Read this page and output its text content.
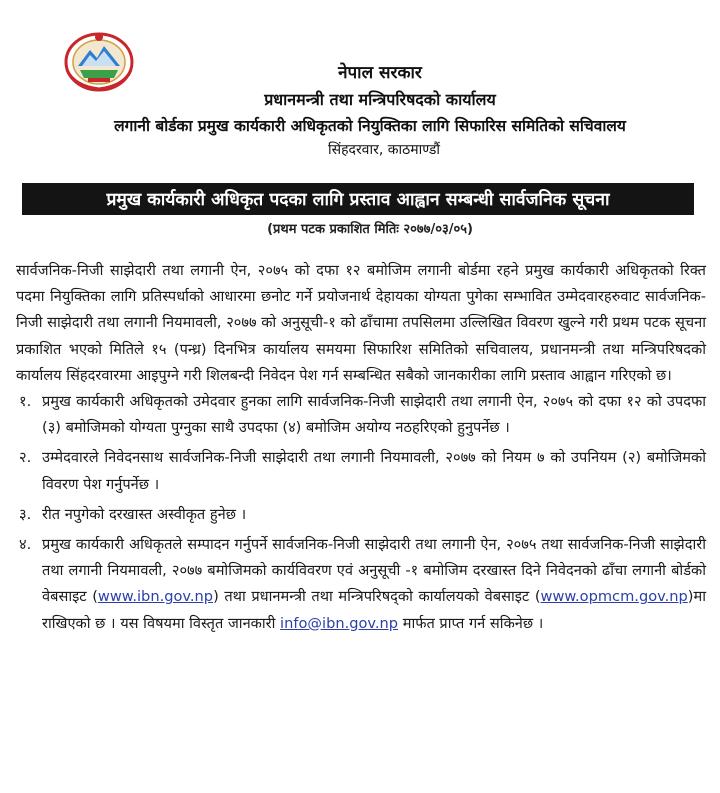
नेपाल सरकार
प्रधानमन्त्री तथा मन्त्रिपरिषदको कार्यालय
लगानी बोर्डका प्रमुख कार्यकारी अधिकृतको नियुक्तिका लागि सिफारिस समितिको सचिवालय
सिंहदरवार, काठमाण्डौं
प्रमुख कार्यकारी अधिकृत पदका लागि प्रस्ताव आह्वान सम्बन्धी सार्वजनिक सूचना
(प्रथम पटक प्रकाशित मितिः २०७७/०३/०५)

सार्वजनिक-निजी साझेदारी तथा लगानी ऐन, २०७५ को दफा १२ बमोजिम लगानी बोर्डमा रहने प्रमुख कार्यकारी अधिकृतको रिक्त पदमा नियुक्तिका लागि प्रतिस्पर्धाको आधारमा छनोट गर्ने प्रयोजनार्थ देहायका योग्यता पुगेका सम्भावित उम्मेदवारहरुवाट सार्वजनिक-निजी साझेदारी तथा लगानी नियमावली, २०७७ को अनुसूची-१ को ढाँचामा तपसिलमा उल्लिखित विवरण खुल्ने गरी प्रथम पटक सूचना प्रकाशित भएको मितिले १५ (पन्ध्र) दिनभित्र कार्यालय समयमा सिफारिश समितिको सचिवालय, प्रधानमन्त्री तथा मन्त्रिपरिषदको कार्यालय सिंहदरवारमा आइपुग्ने गरी शिलबन्दी निवेदन पेश गर्न सम्बन्धित सबैको जानकारीका लागि प्रस्ताव आह्वान गरिएको छ।

१. प्रमुख कार्यकारी अधिकृतको उमेदवार हुनका लागि सार्वजनिक-निजी साझेदारी तथा लगानी ऐन, २०७५ को दफा १२ को उपदफा (३) बमोजिमको योग्यता पुग्नुका साथै उपदफा (४) बमोजिम अयोग्य नठहरिएको हुनुपर्नेछ ।
२. उम्मेदवारले निवेदनसाथ सार्वजनिक-निजी साझेदारी तथा लगानी नियमावली, २०७७ को नियम ७ को उपनियम (२) बमोजिमको विवरण पेश गर्नुपर्नेछ ।
३. रीत नपुगेको दरखास्त अस्वीकृत हुनेछ ।
४. प्रमुख कार्यकारी अधिकृतले सम्पादन गर्नुपर्ने सार्वजनिक-निजी साझेदारी तथा लगानी ऐन, २०७५ तथा सार्वजनिक-निजी साझेदारी तथा लगानी नियमावली, २०७७ बमोजिमको कार्यविवरण एवं अनुसूची -१ बमोजिम दरखास्त दिने निवेदनको ढाँचा लगानी बोर्डको वेबसाइट (www.ibn.gov.np) तथा प्रधानमन्त्री तथा मन्त्रिपरिषद्को कार्यालयको वेबसाइट (www.opmcm.gov.np)मा राखिएको छ । यस विषयमा विस्तृत जानकारी info@ibn.gov.np मार्फत प्राप्त गर्न सकिनेछ ।
